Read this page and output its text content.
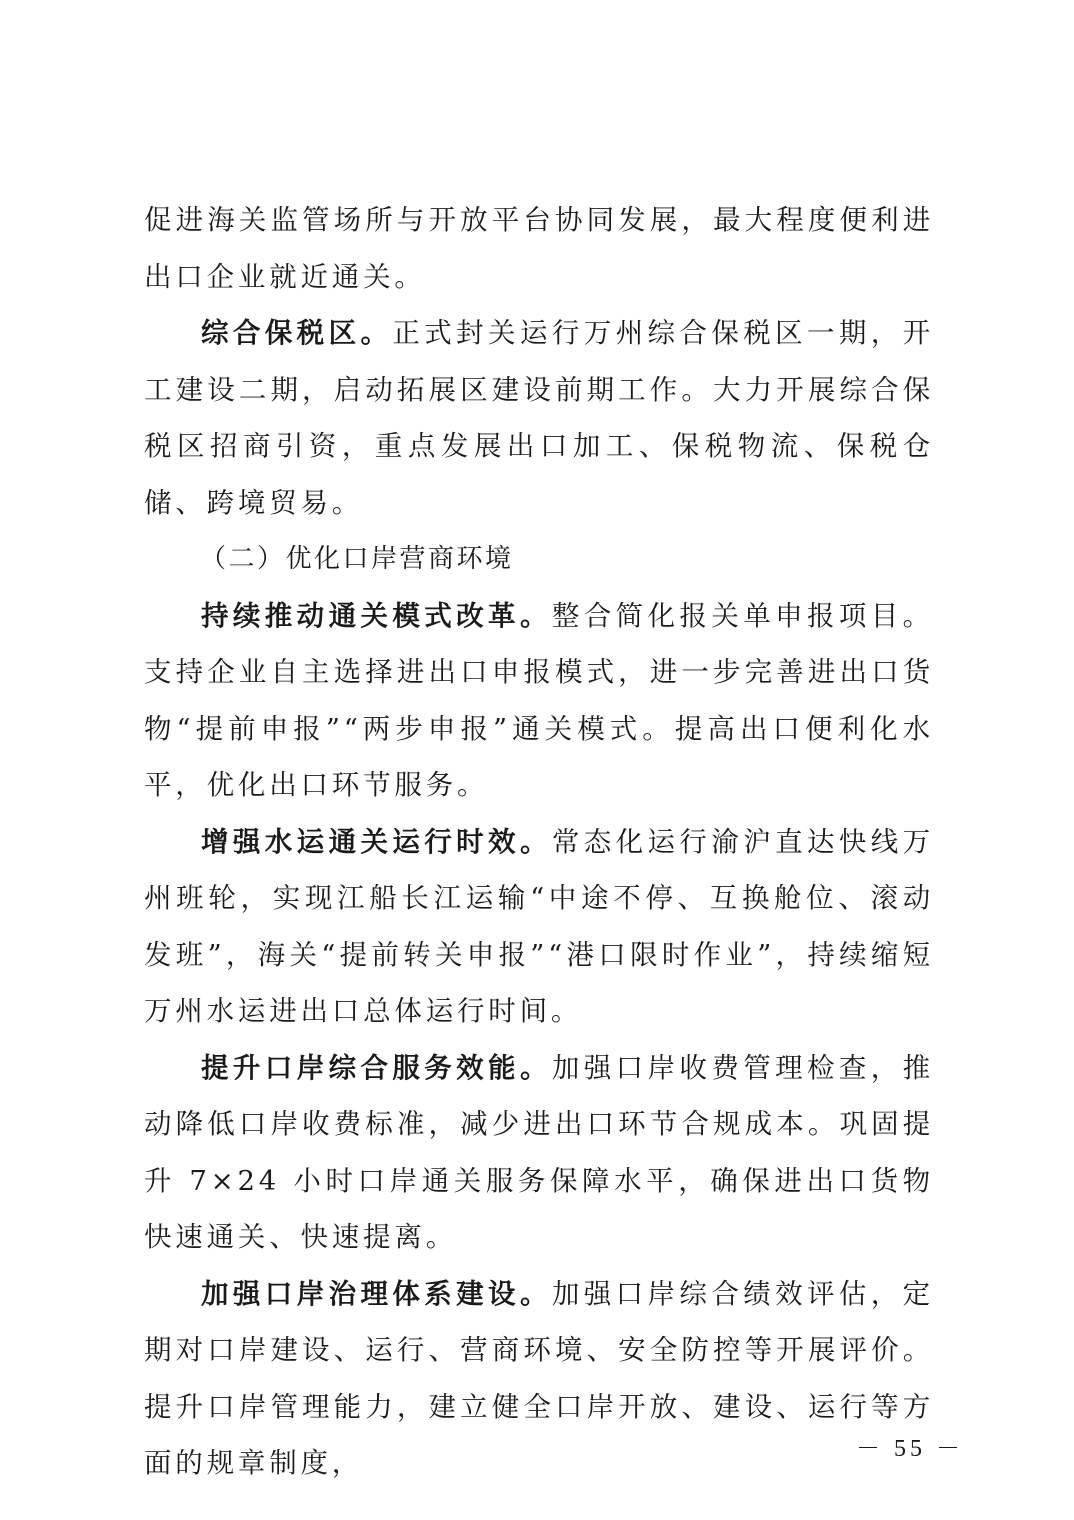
促进海关监管场所与开放平台协同发展，最大程度便利进出口企业就近通关。

综合保税区。正式封关运行万州综合保税区一期，开工建设二期，启动拓展区建设前期工作。大力开展综合保税区招商引资，重点发展出口加工、保税物流、保税仓储、跨境贸易。

（二）优化口岸营商环境

持续推动通关模式改革。整合简化报关单申报项目。支持企业自主选择进出口申报模式，进一步完善进出口货物“提前申报”“两步申报”通关模式。提高出口便利化水平，优化出口环节服务。

增强水运通关运行时效。常态化运行渝沪直达快线万州班轮，实现江船长江运输“中途不停、互换舱位、滚动发班”，海关“提前转关申报”“港口限时作业”，持续缩短万州水运进出口总体运行时间。

提升口岸综合服务效能。加强口岸收费管理检查，推动降低口岸收费标准，减少进出口环节合规成本。巩固提升 7×24 小时口岸通关服务保障水平，确保进出口货物快速通关、快速提离。

加强口岸治理体系建设。加强口岸综合绩效评估，定期对口岸建设、运行、营商环境、安全防控等开展评价。提升口岸管理能力，建立健全口岸开放、建设、运行等方面的规章制度，	－ 55 －
